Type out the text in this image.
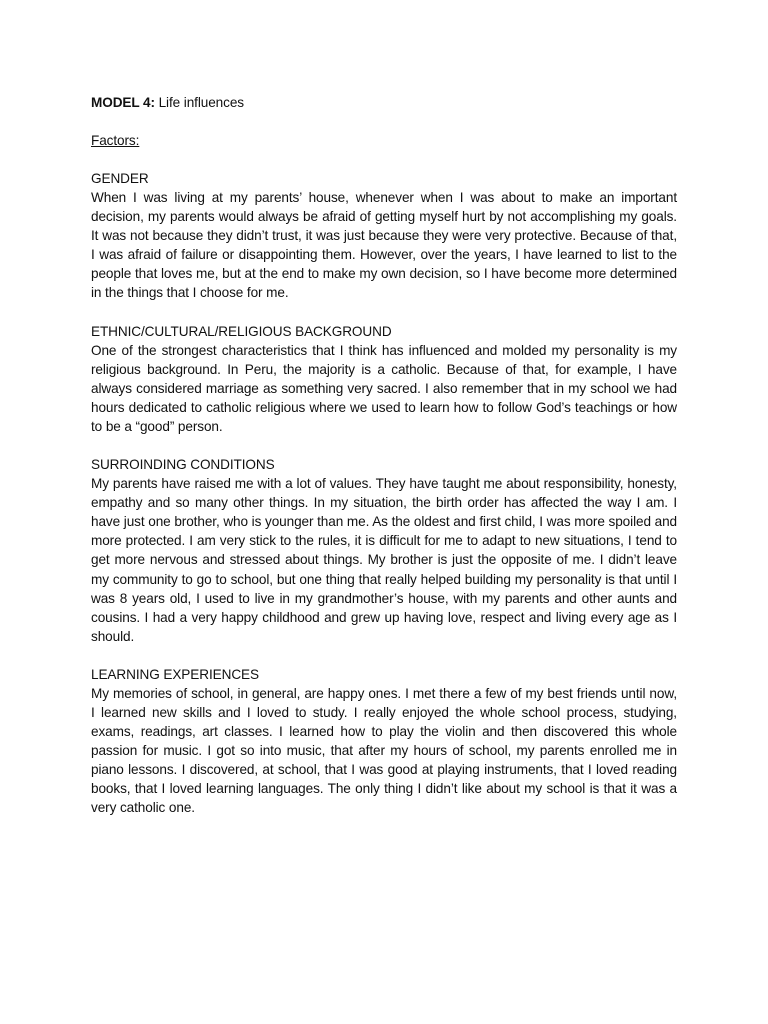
MODEL 4: Life influences

Factors:

GENDER

When I was living at my parents’ house, whenever when I was about to make an important decision, my parents would always be afraid of getting myself hurt by not accomplishing my goals. It was not because they didn’t trust, it was just because they were very protective. Because of that, I was afraid of failure or disappointing them. However, over the years, I have learned to list to the people that loves me, but at the end to make my own decision, so I have become more determined in the things that I choose for me.

ETHNIC/CULTURAL/RELIGIOUS BACKGROUND

One of the strongest characteristics that I think has influenced and molded my personality is my religious background. In Peru, the majority is a catholic. Because of that, for example, I have always considered marriage as something very sacred. I also remember that in my school we had hours dedicated to catholic religious where we used to learn how to follow God’s teachings or how to be a “good” person.

SURROINDING CONDITIONS

My parents have raised me with a lot of values. They have taught me about responsibility, honesty, empathy and so many other things. In my situation, the birth order has affected the way I am. I have just one brother, who is younger than me. As the oldest and first child, I was more spoiled and more protected. I am very stick to the rules, it is difficult for me to adapt to new situations, I tend to get more nervous and stressed about things. My brother is just the opposite of me. I didn’t leave my community to go to school, but one thing that really helped building my personality is that until I was 8 years old, I used to live in my grandmother’s house, with my parents and other aunts and cousins. I had a very happy childhood and grew up having love, respect and living every age as I should.

LEARNING EXPERIENCES

My memories of school, in general, are happy ones. I met there a few of my best friends until now, I learned new skills and I loved to study. I really enjoyed the whole school process, studying, exams, readings, art classes. I learned how to play the violin and then discovered this whole passion for music. I got so into music, that after my hours of school, my parents enrolled me in piano lessons. I discovered, at school, that I was good at playing instruments, that I loved reading books, that I loved learning languages. The only thing I didn’t like about my school is that it was a very catholic one.
